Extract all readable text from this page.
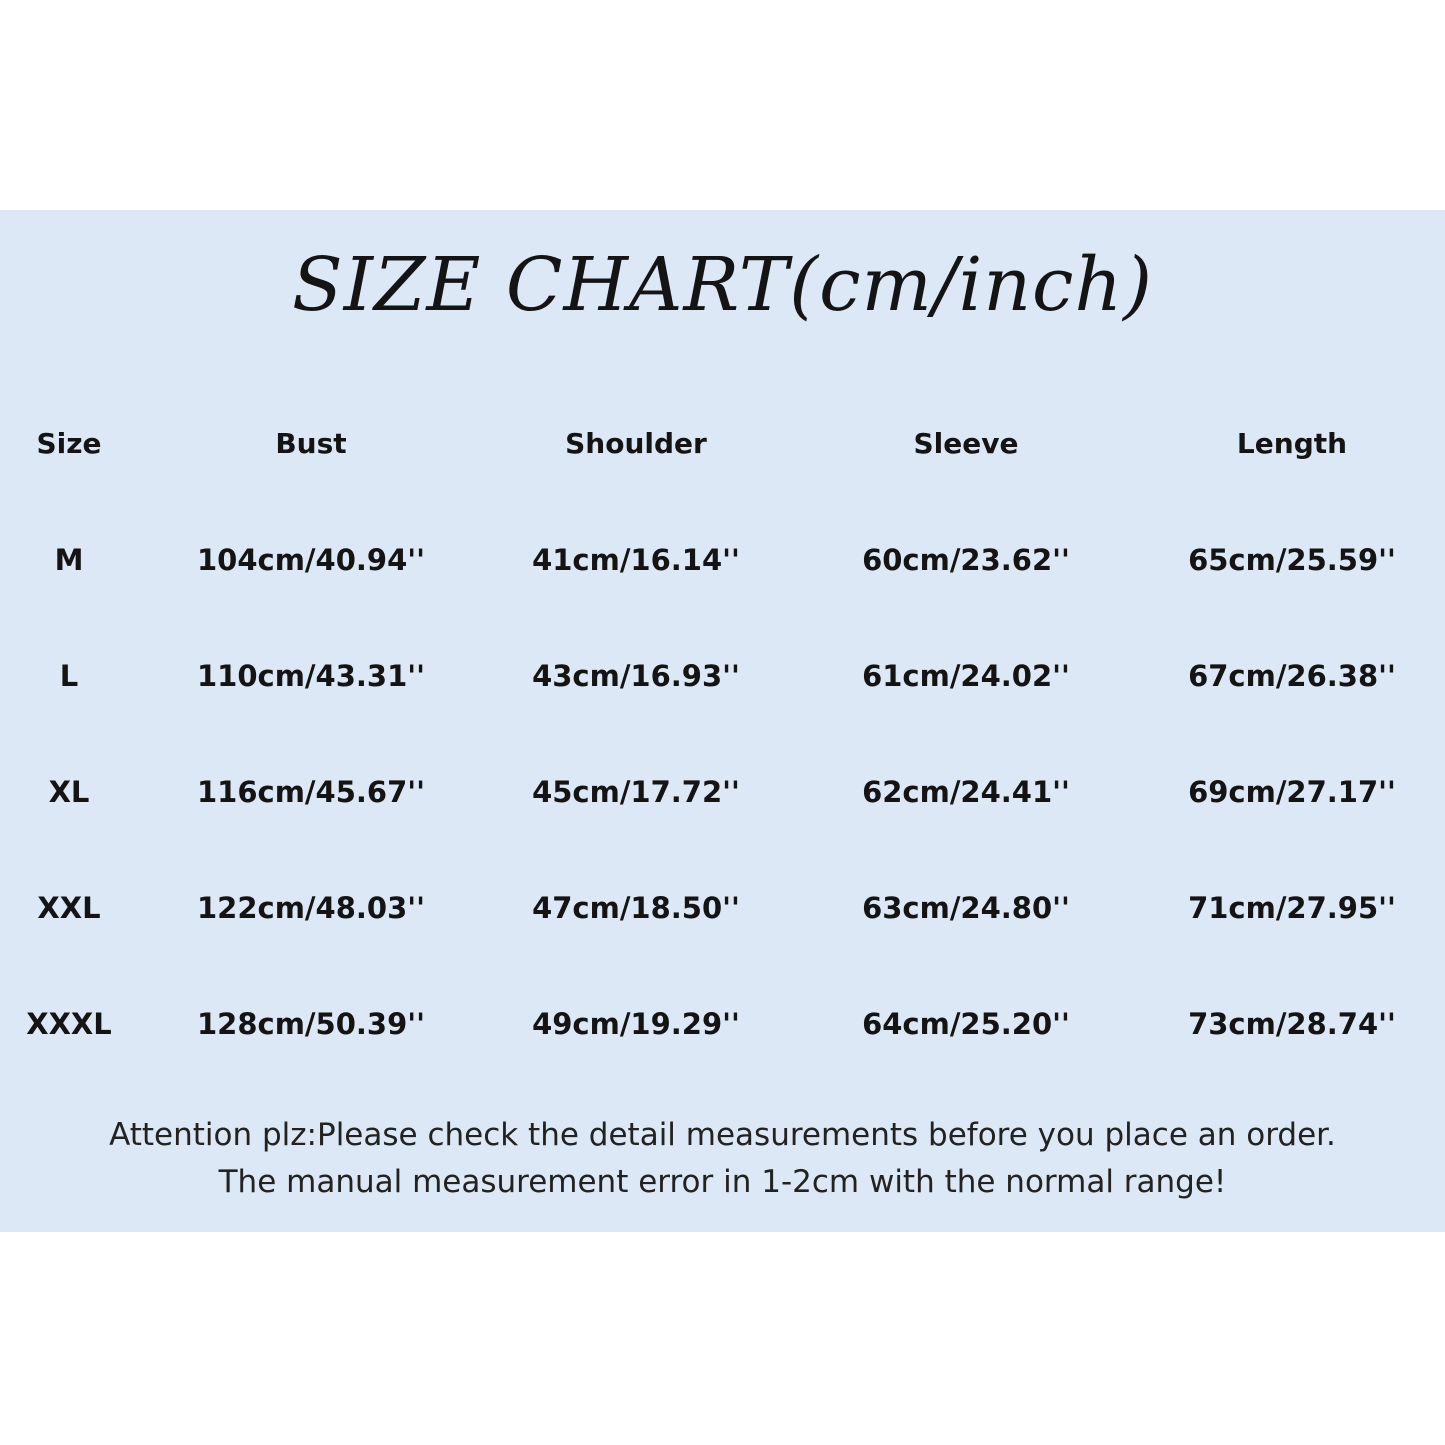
SIZE CHART(cm/inch)
Size	Bust	Shoulder	Sleeve	Length
M	104cm/40.94''	41cm/16.14''	60cm/23.62''	65cm/25.59''
L	110cm/43.31''	43cm/16.93''	61cm/24.02''	67cm/26.38''
XL	116cm/45.67''	45cm/17.72''	62cm/24.41''	69cm/27.17''
XXL	122cm/48.03''	47cm/18.50''	63cm/24.80''	71cm/27.95''
XXXL	128cm/50.39''	49cm/19.29''	64cm/25.20''	73cm/28.74''
Attention plz:Please check the detail measurements before you place an order.
The manual measurement error in 1-2cm with the normal range!
